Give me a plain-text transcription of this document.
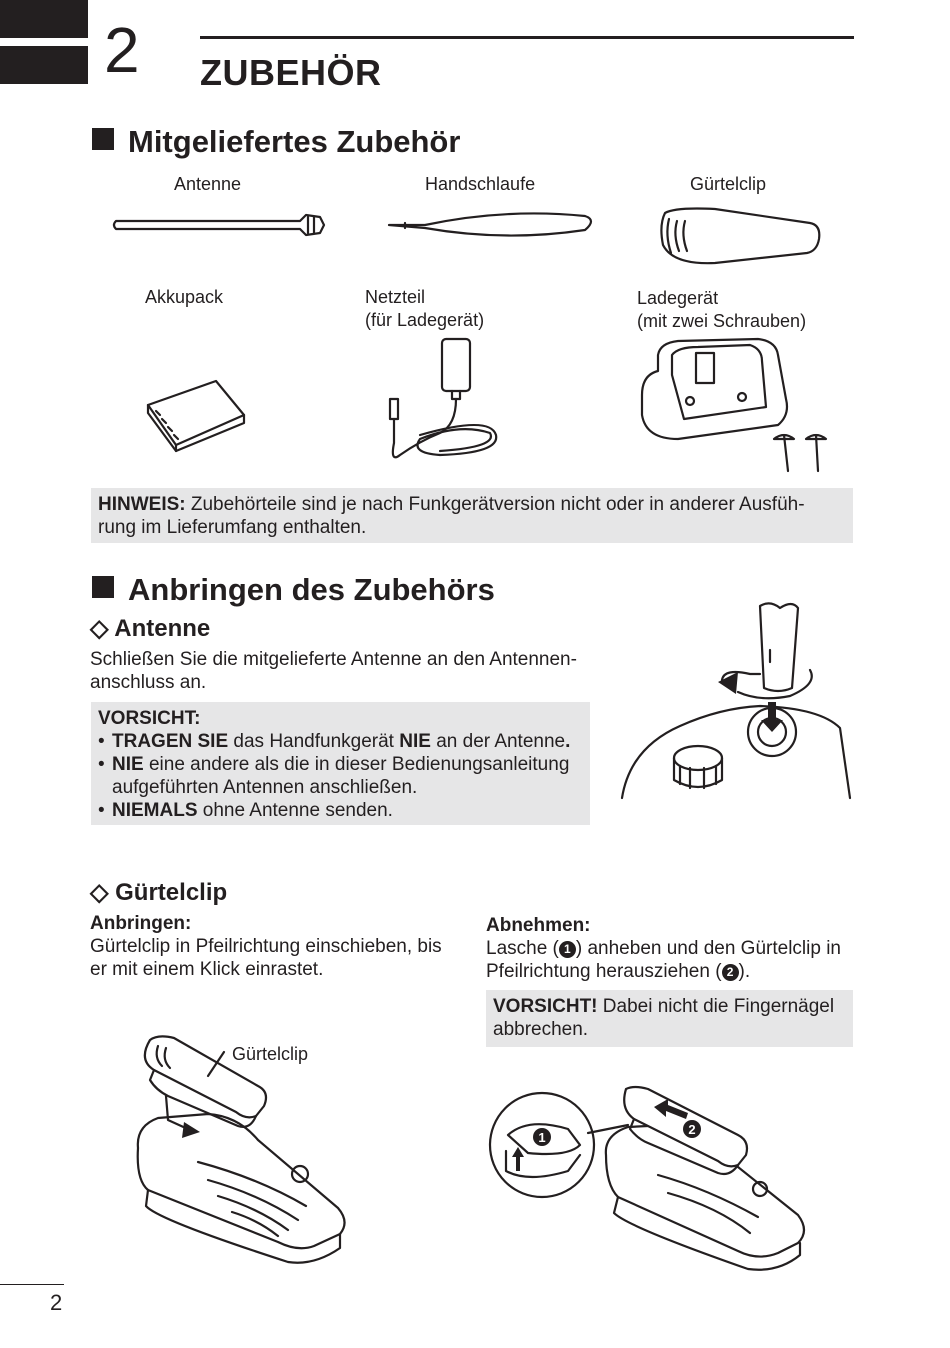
2 ZUBEHÖR
Mitgeliefertes Zubehör
Antenne	Handschlaufe	Gürtelclip
Akkupack	Netzteil
(für Ladegerät)
Ladegerät
(mit zwei Schrauben)
HINWEIS: Zubehörteile sind je nach Funkgerätversion nicht oder in anderer Ausfüh-
rung im Lieferumfang enthalten.
Anbringen des Zubehörs
◇ Antenne
Schließen Sie die mitgelieferte Antenne an den Antennen-
anschluss an.
VORSICHT:
• TRAGEN SIE das Handfunkgerät NIE an der Antenne.
• NIE eine andere als die in dieser Bedienungsanleitung
aufgeführten Antennen anschließen.
• NIEMALS ohne Antenne senden.
◇ Gürtelclip
Anbringen:
Gürtelclip in Pfeilrichtung einschieben, bis
er mit einem Klick einrastet.
Abnehmen:
Lasche ( 1 ) anheben und den Gürtelclip in
Pfeilrichtung herausziehen ( 2 ).
VORSICHT! Dabei nicht die Fingernägel
abbrechen.
Gürtelclip
1
2
2
